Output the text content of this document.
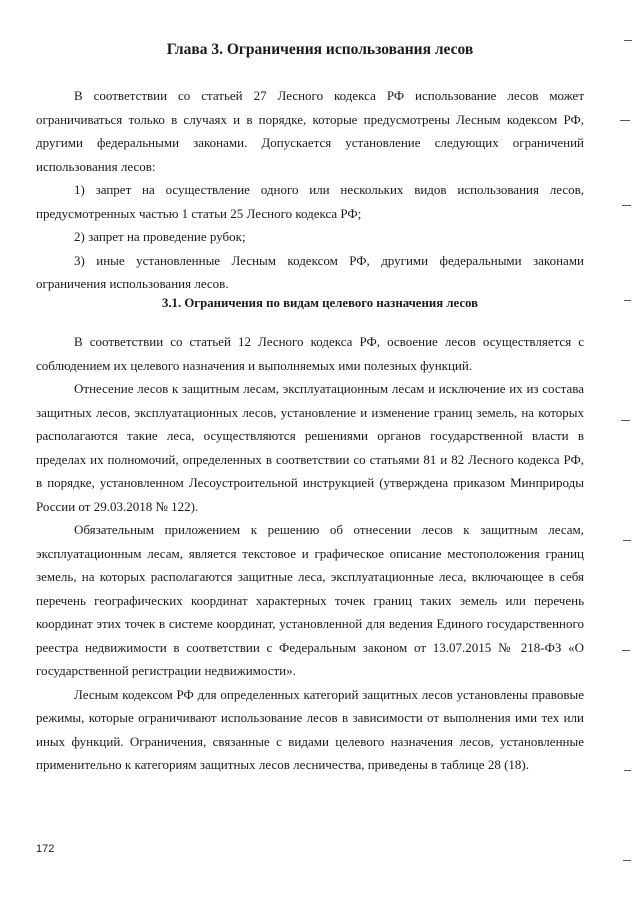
Глава 3. Ограничения использования лесов

В соответствии со статьей 27 Лесного кодекса РФ использование лесов может ограничиваться только в случаях и в порядке, которые предусмотрены Лесным кодексом РФ, другими федеральными законами. Допускается установление следующих ограничений использования лесов:

1) запрет на осуществление одного или нескольких видов использования лесов, предусмотренных частью 1 статьи 25 Лесного кодекса РФ;

2) запрет на проведение рубок;

3) иные установленные Лесным кодексом РФ, другими федеральными законами ограничения использования лесов.

3.1. Ограничения по видам целевого назначения лесов

В соответствии со статьей 12 Лесного кодекса РФ, освоение лесов осуществляется с соблюдением их целевого назначения и выполняемых ими полезных функций.

Отнесение лесов к защитным лесам, эксплуатационным лесам и исключение их из состава защитных лесов, эксплуатационных лесов, установление и изменение границ земель, на которых располагаются такие леса, осуществляются решениями органов государственной власти в пределах их полномочий, определенных в соответствии со статьями 81 и 82 Лесного кодекса РФ, в порядке, установленном Лесоустроительной инструкцией (утверждена приказом Минприроды России от 29.03.2018 № 122).

Обязательным приложением к решению об отнесении лесов к защитным лесам, эксплуатационным лесам, является текстовое и графическое описание местоположения границ земель, на которых располагаются защитные леса, эксплуатационные леса, включающее в себя перечень географических координат характерных точек границ таких земель или перечень координат этих точек в системе координат, установленной для ведения Единого государственного реестра недвижимости в соответствии с Федеральным законом от 13.07.2015 № 218-ФЗ «О государственной регистрации недвижимости».

Лесным кодексом РФ для определенных категорий защитных лесов установлены правовые режимы, которые ограничивают использование лесов в зависимости от выполнения ими тех или иных функций. Ограничения, связанные с видами целевого назначения лесов, установленные применительно к категориям защитных лесов лесничества, приведены в таблице 28 (18).

172
